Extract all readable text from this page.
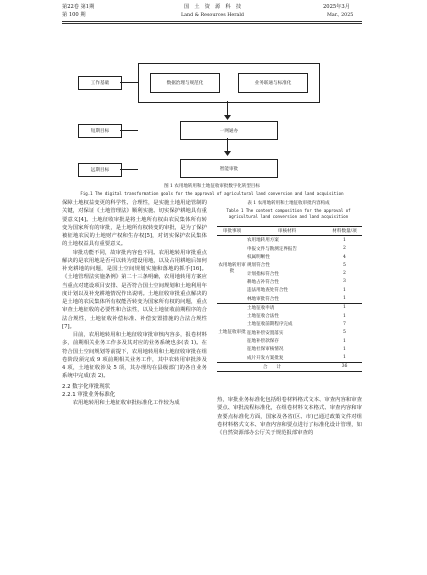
第22卷 第1期	国　土　资　源　科　技	2025年3月
第 100 期	Land & Resources Herald	Mar., 2025
工作基础
短期目标
远期目标
数据治理与规范化	业务联通与标准化
一网通办
智能审批
图 1 农用地转用和土地征收审批数字化转型目标
Fig.1 The digital transformation goals for the approval of agricultural land conversion and land acquisition

保障土地权益变更的科学性、合理性，是实施土地用途管制的关键，对保证《土地管理法》顺利实施、切实保护耕地具有重要意义[4]。土地征收审批是将土地所有权由农民集体所有转变为国家所有的审批，是土地所有权转变的审批，是为了保护被征地农民的土地财产权和生存权[5]，对切实保护农民集体的土地权益具有重要意义。

审批功能不同，故审批内容也不同。农用地转用审批重点解决的是农用地是否可以转为建设用地，以及占用耕地后如何补充耕地的问题，是国土空间规划实施和落地的抓手[16]。《土地管理法实施条例》第二十三条明确，农用地转用方案应当重点对建设项目安排、是否符合国土空间规划和土地利用年度计划以及补充耕地情况作出说明。土地征收审批重点解决的是土地的农民集体所有权能否转变为国家所有权的问题，重点审查土地征收的必要性和合法性，以及土地征收前期程序的合法合规性，土地征收补偿标准、补偿安置措施的合法合规性[7]。

目前，农用地转用和土地征收审批审核内容多，报卷材料多，前期相关业务工作多及其对应的业务系统也多(表 1)。在符合国土空间规划等前提下，农用地转用和土地征收审批在组卷阶段须完成 9 项前期相关业务工作，其中农转用审批涉及 4 项，土地征收涉及 5 项，其办理均在县级部门的各自业务系统中完成(表 2)。

2.2 数字化审批现状
2.2.1 审批业务标准化

农用地转用和土地征收审批标准化工作较为成

表 1 农用地转用和土地征收审批内容构成
Table 1 The content composition for the approval of agricultural land conversion and land acquisition
审批事项	审核材料	材料数量/项
农用地转用审批	农用地转用方案	1
	申报文件与勘测定界报告	2
	权属明晰性	4
	规划符合性	5
	计划指标符合性	2
	耕地占补符合性	3
	违法用地查处符合性	1
	林地审批符合性	1
土地征收审批	土地征收申请	1
	土地征收合法性	1
	土地征收前期程序完成	7
	征地补偿安置落实	5
	征地补偿款保存	1
	征地社保审核情况	1
	成片开发方案批复	1
合　　计		36

热，审批业务标准化包括组卷材料格式文本、审查内容和审查要点、审批流程标准化，在组卷材料文本格式、审查内容和审查要点标准化方面，国家及各省(区、市)已通过政策文件对组卷材料格式文本、审查内容和要点进行了标准化设计管理，如《自然资源部办公厅关于规范报部审查的
